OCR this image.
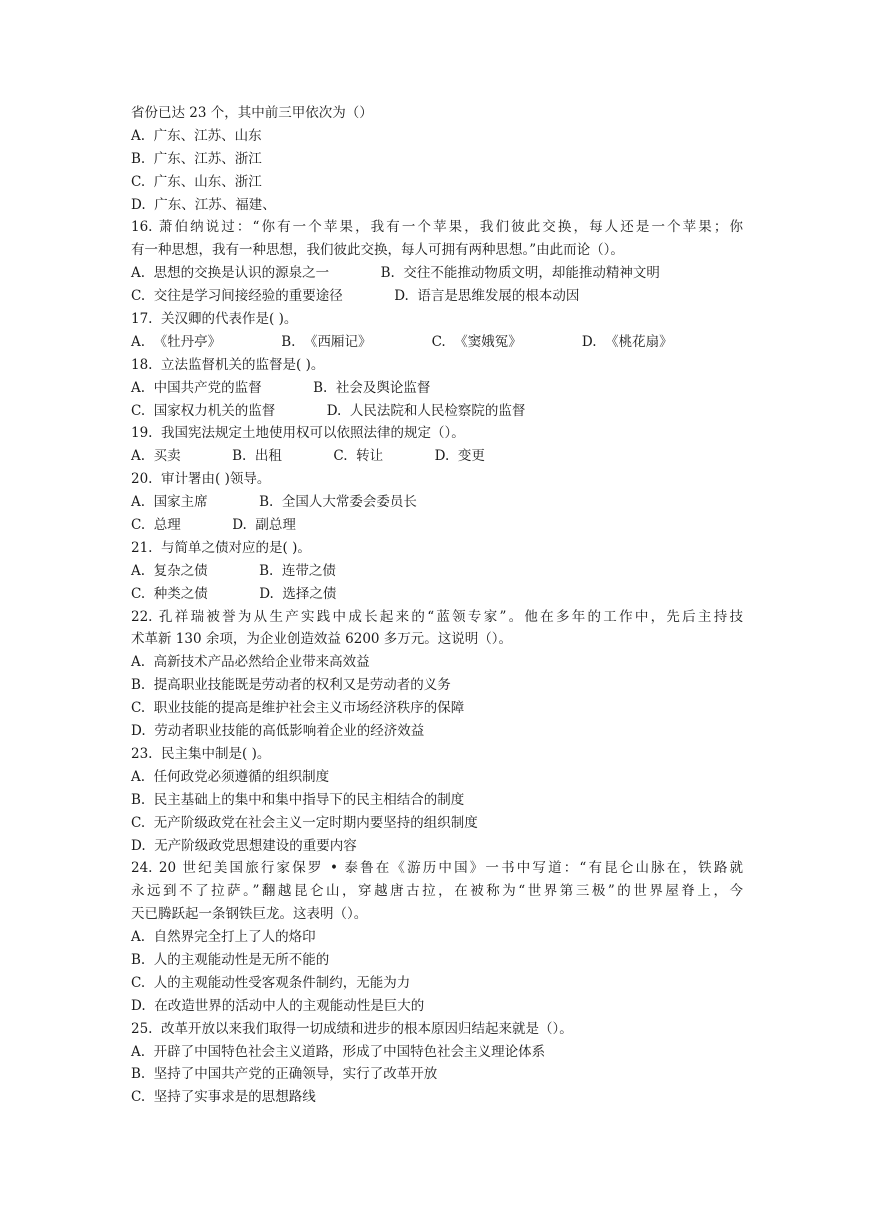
省份已达 23 个，其中前三甲依次为（）
A.  广东、江苏、山东
B.  广东、江苏、浙江
C.  广东、山东、浙江
D.  广东、江苏、福建、
16. 萧伯纳说过：“你有一个苹果，我有一个苹果，我们彼此交换，每人还是一个苹果；你
有一种思想，我有一种思想，我们彼此交换，每人可拥有两种思想。”由此而论（）。
A.  思想的交换是认识的源泉之一            B.  交往不能推动物质文明，却能推动精神文明
C.  交往是学习间接经验的重要途径            D.  语言是思维发展的根本动因
17.  关汉卿的代表作是( )。
A.  《牡丹亭》              B.  《西厢记》              C.  《窦娥冤》              D.  《桃花扇》
18.  立法监督机关的监督是( )。
A.  中国共产党的监督            B.  社会及舆论监督
C.  国家权力机关的监督            D.  人民法院和人民检察院的监督
19.  我国宪法规定土地使用权可以依照法律的规定（）。
A.  买卖            B.  出租            C.  转让            D.  变更
20.  审计署由( )领导。
A.  国家主席            B.  全国人大常委会委员长
C.  总理            D.  副总理
21.  与简单之债对应的是( )。
A.  复杂之债            B.  连带之债
C.  种类之债            D.  选择之债
22. 孔祥瑞被誉为从生产实践中成长起来的“蓝领专家”。他在多年的工作中，先后主持技
术革新 130 余项，为企业创造效益 6200 多万元。这说明（）。
A.  高新技术产品必然给企业带来高效益
B.  提高职业技能既是劳动者的权利又是劳动者的义务
C.  职业技能的提高是维护社会主义市场经济秩序的保障
D.  劳动者职业技能的高低影响着企业的经济效益
23.  民主集中制是( )。
A.  任何政党必须遵循的组织制度
B.  民主基础上的集中和集中指导下的民主相结合的制度
C.  无产阶级政党在社会主义一定时期内要坚持的组织制度
D.  无产阶级政党思想建设的重要内容
24. 20 世纪美国旅行家保罗 • 泰鲁在《游历中国》一书中写道：“有昆仑山脉在，铁路就
永远到不了拉萨。”翻越昆仑山，穿越唐古拉，在被称为“世界第三极”的世界屋脊上，今
天已腾跃起一条钢铁巨龙。这表明（）。
A.  自然界完全打上了人的烙印
B.  人的主观能动性是无所不能的
C.  人的主观能动性受客观条件制约，无能为力
D.  在改造世界的活动中人的主观能动性是巨大的
25.  改革开放以来我们取得一切成绩和进步的根本原因归结起来就是（）。
A.  开辟了中国特色社会主义道路，形成了中国特色社会主义理论体系
B.  坚持了中国共产党的正确领导，实行了改革开放
C.  坚持了实事求是的思想路线
